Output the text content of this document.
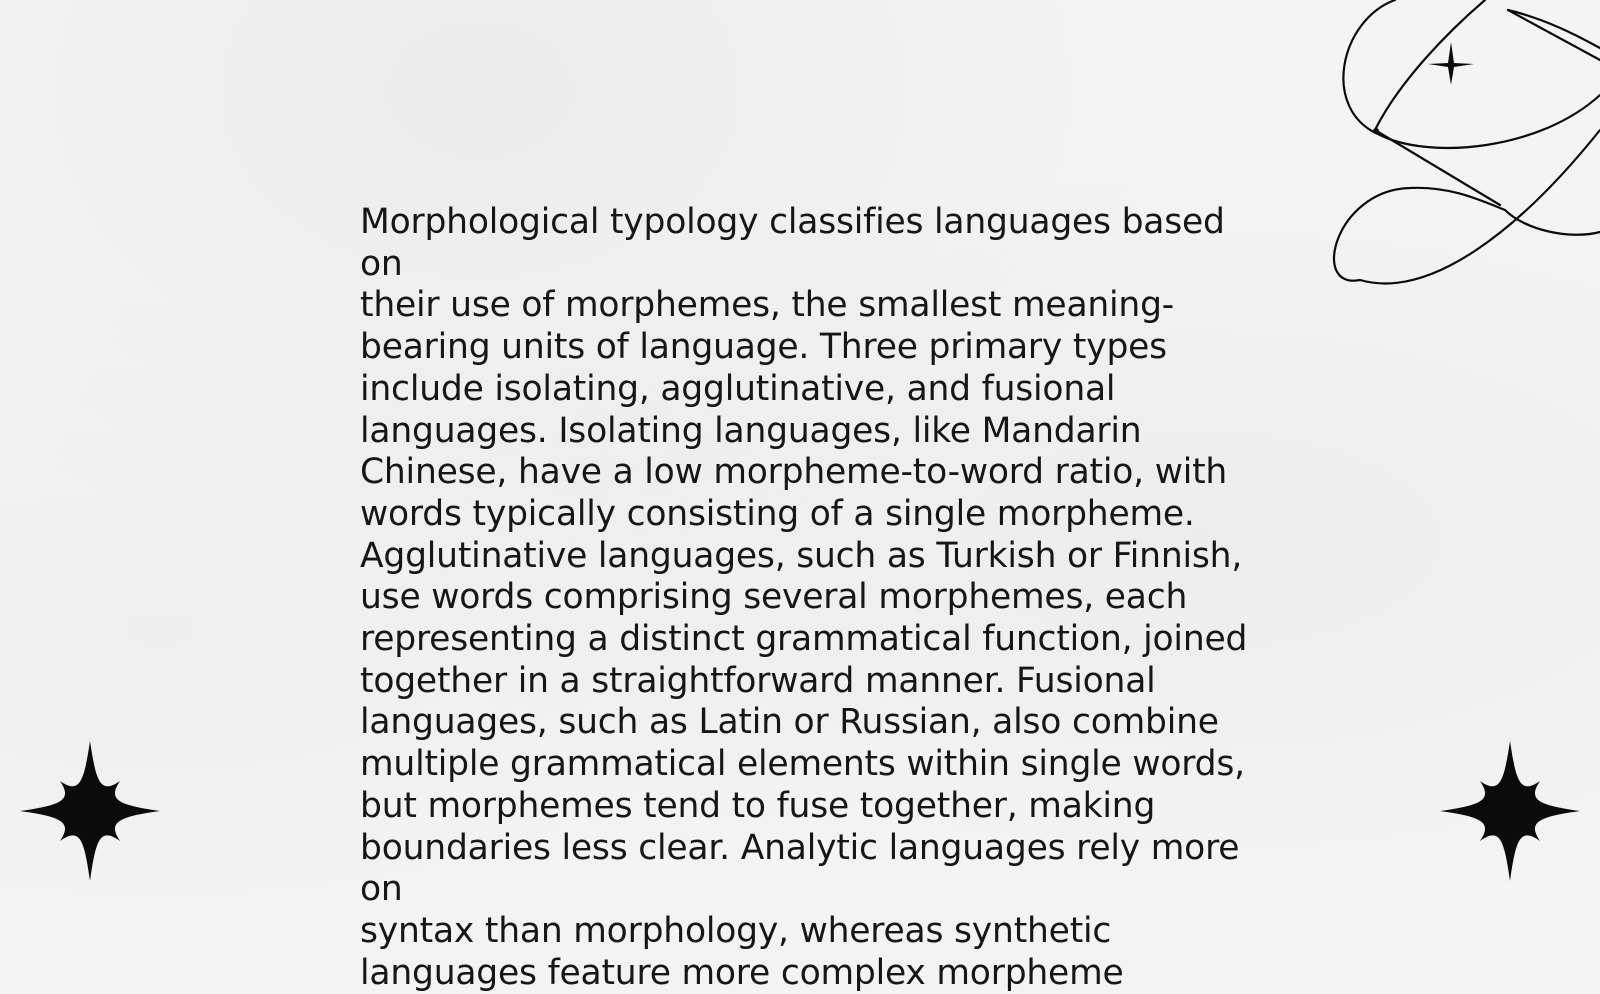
Morphological typology classifies languages based on
their use of morphemes, the smallest meaning-
bearing units of language. Three primary types
include isolating, agglutinative, and fusional
languages. Isolating languages, like Mandarin
Chinese, have a low morpheme-to-word ratio, with
words typically consisting of a single morpheme.
Agglutinative languages, such as Turkish or Finnish,
use words comprising several morphemes, each
representing a distinct grammatical function, joined
together in a straightforward manner. Fusional
languages, such as Latin or Russian, also combine
multiple grammatical elements within single words,
but morphemes tend to fuse together, making
boundaries less clear. Analytic languages rely more on
syntax than morphology, whereas synthetic
languages feature more complex morpheme
